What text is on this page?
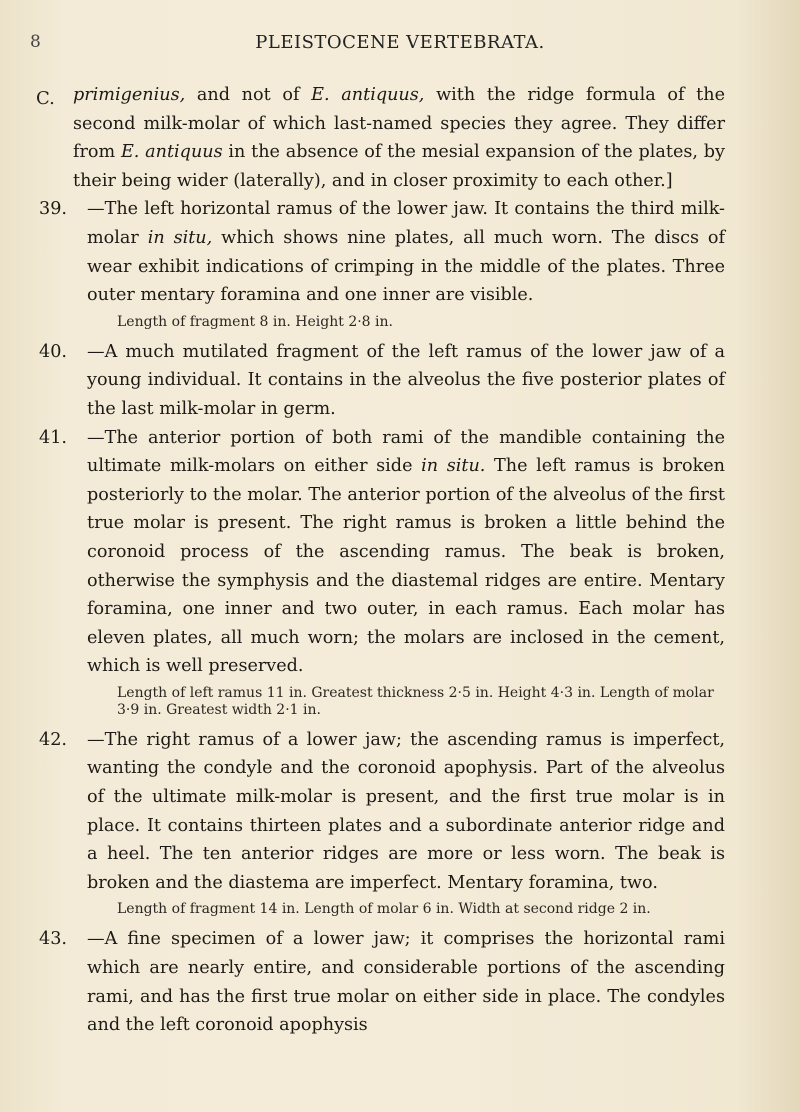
8	PLEISTOCENE VERTEBRATA.
C. primigenius, and not of E. antiquus, with the ridge formula of the second milk-molar of which last-named species they agree. They differ from E. antiquus in the absence of the mesial expansion of the plates, by their being wider (laterally), and in closer proximity to each other.]

39. —The left horizontal ramus of the lower jaw. It contains the third milk-molar in situ, which shows nine plates, all much worn. The discs of wear exhibit indications of crimping in the middle of the plates. Three outer mentary foramina and one inner are visible.

Length of fragment 8 in. Height 2·8 in.
40. —A much mutilated fragment of the left ramus of the lower jaw of a young individual. It contains in the alveolus the five posterior plates of the last milk-molar in germ.

41. —The anterior portion of both rami of the mandible containing the ultimate milk-molars on either side in situ. The left ramus is broken posteriorly to the molar. The anterior portion of the alveolus of the first true molar is present. The right ramus is broken a little behind the coronoid process of the ascending ramus. The beak is broken, otherwise the symphysis and the diastemal ridges are entire. Mentary foramina, one inner and two outer, in each ramus. Each molar has eleven plates, all much worn; the molars are inclosed in the cement, which is well preserved.

Length of left ramus 11 in. Greatest thickness 2·5 in. Height 4·3 in. Length of molar 3·9 in. Greatest width 2·1 in.
42. —The right ramus of a lower jaw; the ascending ramus is imperfect, wanting the condyle and the coronoid apophysis. Part of the alveolus of the ultimate milk-molar is present, and the first true molar is in place. It contains thirteen plates and a subordinate anterior ridge and a heel. The ten anterior ridges are more or less worn. The beak is broken and the diastema are imperfect. Mentary foramina, two.

Length of fragment 14 in. Length of molar 6 in. Width at second ridge 2 in.
43. —A fine specimen of a lower jaw; it comprises the horizontal rami which are nearly entire, and considerable portions of the ascending rami, and has the first true molar on either side in place. The condyles and the left coronoid apophysis
